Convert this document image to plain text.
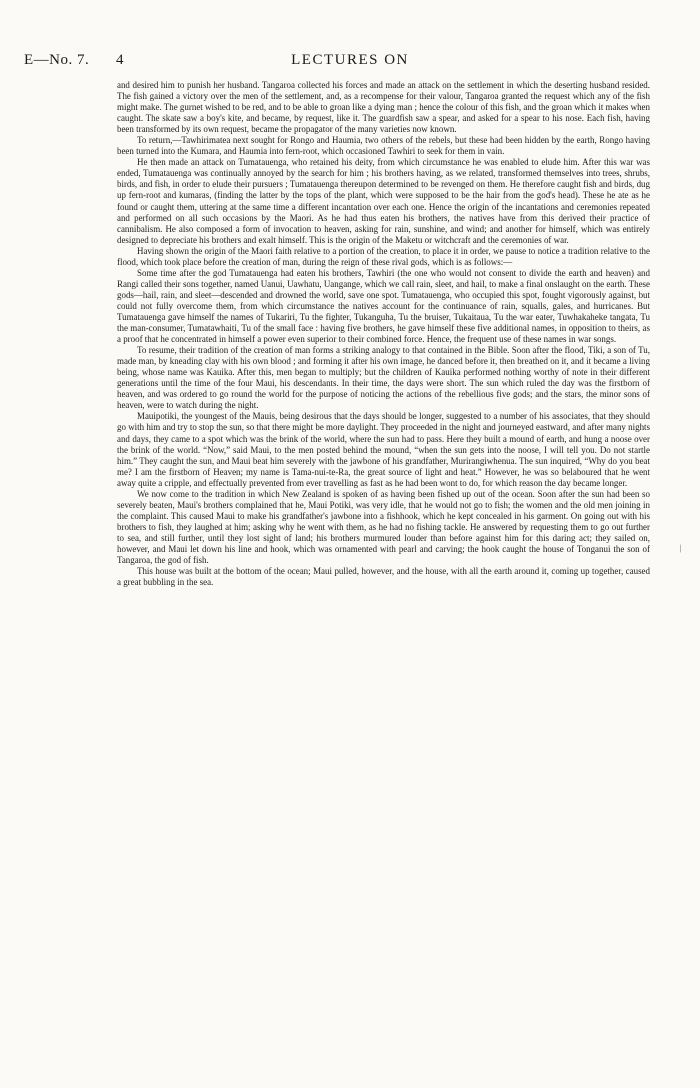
E—No. 7. 4	LECTURES ON

and desired him to punish her husband. Tangaroa collected his forces and made an attack on the settlement in which the deserting husband resided. The fish gained a victory over the men of the settlement, and, as a recompense for their valour, Tangaroa granted the request which any of the fish might make. The gurnet wished to be red, and to be able to groan like a dying man ; hence the colour of this fish, and the groan which it makes when caught. The skate saw a boy's kite, and became, by request, like it. The guardfish saw a spear, and asked for a spear to his nose. Each fish, having been transformed by its own request, became the propagator of the many varieties now known.

To return,—Tawhirimatea next sought for Rongo and Haumia, two others of the rebels, but these had been hidden by the earth, Rongo having been turned into the Kumara, and Haumia into fern-root, which occasioned Tawhiri to seek for them in vain.

He then made an attack on Tumatauenga, who retained his deity, from which circumstance he was enabled to elude him. After this war was ended, Tumatauenga was continually annoyed by the search for him ; his brothers having, as we related, transformed themselves into trees, shrubs, birds, and fish, in order to elude their pursuers ; Tumatauenga thereupon determined to be revenged on them. He therefore caught fish and birds, dug up fern-root and kumaras, (finding the latter by the tops of the plant, which were supposed to be the hair from the god's head). These he ate as he found or caught them, uttering at the same time a different incantation over each one. Hence the origin of the incantations and ceremonies repeated and performed on all such occasions by the Maori. As he had thus eaten his brothers, the natives have from this derived their practice of cannibalism. He also composed a form of invocation to heaven, asking for rain, sunshine, and wind; and another for himself, which was entirely designed to depreciate his brothers and exalt himself. This is the origin of the Maketu or witchcraft and the ceremonies of war.

Having shown the origin of the Maori faith relative to a portion of the creation, to place it in order, we pause to notice a tradition relative to the flood, which took place before the creation of man, during the reign of these rival gods, which is as follows:—

Some time after the god Tumatauenga had eaten his brothers, Tawhiri (the one who would not consent to divide the earth and heaven) and Rangi called their sons together, named Uanui, Uawhatu, Uangange, which we call rain, sleet, and hail, to make a final onslaught on the earth. These gods—hail, rain, and sleet—descended and drowned the world, save one spot. Tumatauenga, who occupied this spot, fought vigorously against, but could not fully overcome them, from which circumstance the natives account for the continuance of rain, squalls, gales, and hurricanes. But Tumatauenga gave himself the names of Tukariri, Tu the fighter, Tukanguha, Tu the bruiser, Tukaitaua, Tu the war eater, Tuwhakaheke tangata, Tu the man-consumer, Tumatawhaiti, Tu of the small face : having five brothers, he gave himself these five additional names, in opposition to theirs, as a proof that he concentrated in himself a power even superior to their combined force. Hence, the frequent use of these names in war songs.

To resume, their tradition of the creation of man forms a striking analogy to that contained in the Bible. Soon after the flood, Tiki, a son of Tu, made man, by kneading clay with his own blood ; and forming it after his own image, he danced before it, then breathed on it, and it became a living being, whose name was Kauika. After this, men began to multiply; but the children of Kauika performed nothing worthy of note in their different generations until the time of the four Maui, his descendants. In their time, the days were short. The sun which ruled the day was the firstborn of heaven, and was ordered to go round the world for the purpose of noticing the actions of the rebellious five gods; and the stars, the minor sons of heaven, were to watch during the night.

Mauipotiki, the youngest of the Mauis, being desirous that the days should be longer, suggested to a number of his associates, that they should go with him and try to stop the sun, so that there might be more daylight. They proceeded in the night and journeyed eastward, and after many nights and days, they came to a spot which was the brink of the world, where the sun had to pass. Here they built a mound of earth, and hung a noose over the brink of the world. “Now,” said Maui, to the men posted behind the mound, “when the sun gets into the noose, I will tell you. Do not startle him.” They caught the sun, and Maui beat him severely with the jawbone of his grandfather, Murirangiwhenua. The sun inquired, “Why do you beat me? I am the firstborn of Heaven; my name is Tama-nui-te-Ra, the great source of light and heat.” However, he was so belaboured that he went away quite a cripple, and effectually prevented from ever travelling as fast as he had been wont to do, for which reason the day became longer.

We now come to the tradition in which New Zealand is spoken of as having been fished up out of the ocean. Soon after the sun had been so severely beaten, Maui's brothers complained that he, Maui Potiki, was very idle, that he would not go to fish; the women and the old men joining in the complaint. This caused Maui to make his grandfather's jawbone into a fishhook, which he kept concealed in his garment. On going out with his brothers to fish, they laughed at him; asking why he went with them, as he had no fishing tackle. He answered by requesting them to go out further to sea, and still further, until they lost sight of land; his brothers murmured louder than before against him for this daring act; they sailed on, however, and Maui let down his line and hook, which was ornamented with pearl and carving; the hook caught the house of Tonganui the son of Tangaroa, the god of fish.

This house was built at the bottom of the ocean; Maui pulled, however, and the house, with all the earth around it, coming up together, caused a great bubbling in the sea.

/
